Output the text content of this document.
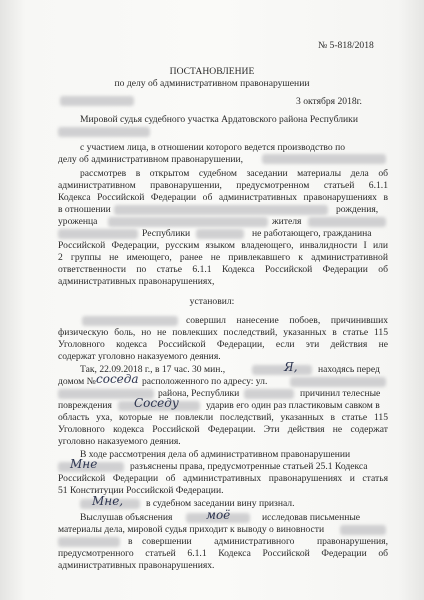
№ 5-818/2018
ПОСТАНОВЛЕНИЕ
по делу об административном правонарушении
3 октября 2018г.
Мировой судья судебного участка Ардатовского района Республики
с участием лица, в отношении которого ведется производство по
делу об административном правонарушении,
рассмотрев в открытом судебном заседании материалы дела об
административном правонарушении, предусмотренном статьей 6.1.1
Кодекса Российской Федерации об административных правонарушениях в
в отношении	рождения,
уроженца	жителя
Республики	не работающего, гражданина
Российской Федерации, русским языком владеющего, инвалидности I или
2 группы не имеющего, ранее не привлекавшего к административной
ответственности по статье 6.1.1 Кодекса Российской Федерации об
административных правонарушениях,
установил:
совершил нанесение побоев, причинивших
физическую боль, но не повлекших последствий, указанных в статье 115
Уголовного кодекса Российской Федерации, если эти действия не
содержат уголовно наказуемого деяния.
Так, 22.09.2018 г., в 17 час. 30 мин.,	Я, находясь перед
домом № соседа расположенного по адресу: ул.
района, Республики	причинил телесные
повреждения Соседу	ударив его один раз пластиковым савком в
область уха, которые не повлекли последствий, указанных в статье 115
Уголовного кодекса Российской Федерации. Эти действия не содержат
уголовно наказуемого деяния.
В ходе рассмотрения дела об административном правонарушении
Мне	разъяснены права, предусмотренные статьей 25.1 Кодекса
Российской Федерации об административных правонарушениях и статья
51 Конституции Российской Федерации.
Мне, в судебном заседании вину признал.
Выслушав объяснения	моё	исследовав письменные
материалы дела, мировой судья приходит к выводу о виновности
в совершении административного правонарушения,
предусмотренного статьей 6.1.1 Кодекса Российской Федерации об
административных правонарушениях.
